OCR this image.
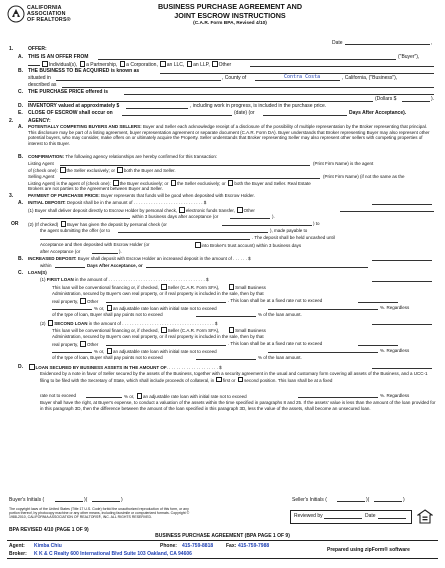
CALIFORNIA
ASSOCIATION
OF REALTORS®
BUSINESS PURCHASE AGREEMENT AND
JOINT ESCROW INSTRUCTIONS
(C.A.R. Form BPA, Revised 4/10)
Date	,
1.	OFFER:
A. THIS IS AN OFFER FROM	("Buyer"),
Individual(s), a Partnership, a Corporation, an LLC, an LLP, Other
B. THE BUSINESS TO BE ACQUIRED is known as
situated in	, County of	Contra Costa	, California, ("Business"),
described as
C. THE PURCHASE PRICE offered is
(Dollars $	).
D. INVENTORY valued at approximately $	, including work in progress, is included in the purchase price.
E. CLOSE OF ESCROW shall occur on	(date) (or	Days After Acceptance).
2.	AGENCY:
A. POTENTIALLY COMPETING BUYERS AND SELLERS: Buyer and Seller each acknowledge receipt of a disclosure of the possibility of multiple representation by the Broker representing that principal. This disclosure may be part of a listing agreement, buyer representation agreement or separate document (C.A.R. Form DA). Buyer understands that Broker representing Buyer may also represent other potential buyers, who may consider, make offers on or ultimately acquire the Property. Seller understands that Broker representing Seller may also represent other sellers with competing properties of interest to this Buyer.
B. CONFIRMATION: The following agency relationships are hereby confirmed for this transaction:
Listing Agent	(Print Firm Name) is the agent
of (check one): the Seller exclusively; or both the Buyer and Seller.
Selling Agent	(Print Firm Name) (if not the same as the
Listing Agent) is the agent of (check one): the Buyer exclusively; or the Seller exclusively; or both the Buyer and Seller. Real Estate
Brokers are not parties to the Agreement between Buyer and Seller.
3.	PAYMENT OF PURCHASE PRICE: Buyer represents that funds will be good when deposited with Escrow Holder.
A. INITIAL DEPOSIT: Deposit shall be in the amount of . . . . . . . . . . . . . . . . . . . . . . . . . . . . $
(1) Buyer shall deliver deposit directly to Escrow Holder by personal check, electronic funds transfer, Other
within 3 business days after acceptance (or	).
OR (2) (If checked) Buyer has given the deposit by personal check (or	) to
the agent submitting the offer (or to	), made payable to
. The deposit shall be held uncashed until
Acceptance and then deposited with Escrow Holder (or	into Broker's trust account) within 3 business days
after Acceptance (or	).
B. INCREASED DEPOSIT: Buyer shall deposit with Escrow Holder an increased deposit in the amount of . . . . . . $
within	Days After Acceptance, or
C. LOAN(S)
(1) FIRST LOAN in the amount of . . . . . . . . . . . . . . . . . . . . . . . . . . . . . . . . . . . . . . . $
This loan will be conventional financing or, if checked, Seller (C.A.R. Form SFA),	Small Business
Administration, secured by Buyer's own real property, or if real property is included in the sale, then by that
real property, Other	. This loan shall be at a fixed rate not to exceed
% or, an adjustable rate loan with initial rate not to exceed	%. Regardless
of the type of loan, Buyer shall pay points not to exceed	% of the loan amount.
(2) SECOND LOAN in the amount of . . . . . . . . . . . . . . . . . . . . . . . . . . . . . . . . . . . . . $
This loan will be conventional financing or, if checked, Seller (C.A.R. Form SFA),	Small Business
Administration, secured by Buyer's own real property, or if real property is included in the sale, then by that
real property, Other	. This loan shall be at a fixed rate not to exceed
% or, an adjustable rate loan with initial rate not to exceed	%. Regardless
of the type of loan, Buyer shall pay points not to exceed	% of the loan amount.
D.	LOAN SECURED BY BUSINESS ASSETS IN THE AMOUNT OF. . . . . . . . . . . . . . . . . . . . . $
Evidenced by a note in favor of Seller secured by the assets of the Business, together with a security agreement in the usual and customary form covering all assets of the Business, and a UCC-1 filing to be filed with the Secretary of State, which shall include proceeds of collateral, in first or second position. This loan shall be at a fixed
rate not to exceed	% or, an adjustable rate loan with initial rate not to exceed	%. Regardless
Buyer shall have the right, at Buyer's expense, to conduct a valuation of the assets within the time specified in paragraphs 8 and 25. If the assets' value is less than the amount of the loan provided for in this paragraph 3D, then the difference between the amount of the loan specified in this paragraph 3D, less the value of the assets, shall become an unsecured loan.
Buyer's Initials (	)(	)	Seller's Initials (	)(	)
The copyright laws of the United States (Title 17 U.S. Code) forbid the unauthorized reproduction of this form, or any portion thereof, by photocopy machine or any other means, including facsimile or computerized formats. Copyright © 1988-2010, CALIFORNIA ASSOCIATION OF REALTORS®, INC. ALL RIGHTS RESERVED.
BPA REVISED 4/10 (PAGE 1 OF 9)
Reviewed by	Date
BUSINESS PURCHASE AGREEMENT (BPA PAGE 1 OF 9)
Agent: Kimba Chiu	Phone: 415-759-8818	Fax: 415-759-7988
Prepared using zipForm® software
Broker: K K & C Realty 600 International Blvd Suite 103 Oakland, CA 94606
